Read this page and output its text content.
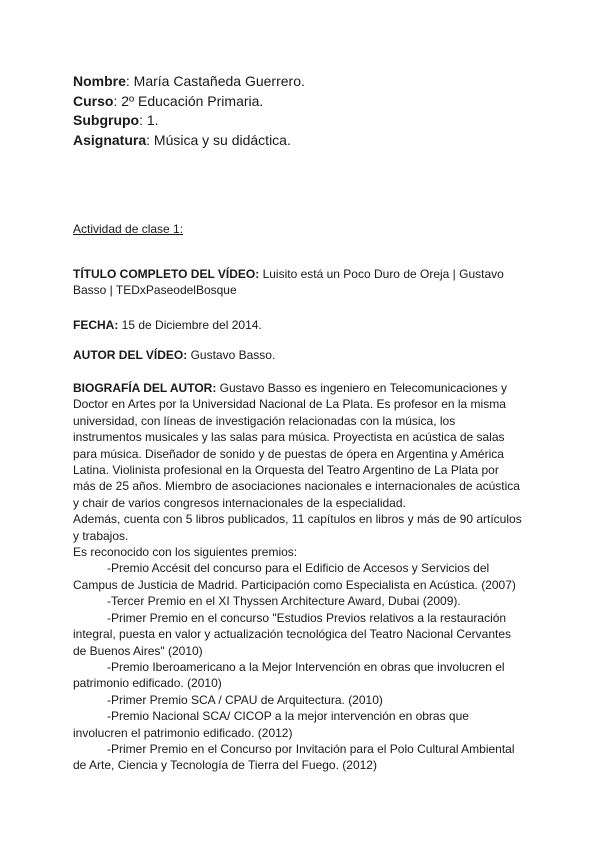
Nombre: María Castañeda Guerrero.
Curso: 2º Educación Primaria.
Subgrupo: 1.
Asignatura: Música y su didáctica.
Actividad de clase 1:
TÍTULO COMPLETO DEL VÍDEO: Luisito está un Poco Duro de Oreja | Gustavo
Basso | TEDxPaseodelBosque
FECHA: 15 de Diciembre del 2014.
AUTOR DEL VÍDEO: Gustavo Basso.
BIOGRAFÍA DEL AUTOR: Gustavo Basso es ingeniero en Telecomunicaciones y
Doctor en Artes por la Universidad Nacional de La Plata. Es profesor en la misma
universidad, con líneas de investigación relacionadas con la música, los
instrumentos musicales y las salas para música. Proyectista en acústica de salas
para música. Diseñador de sonido y de puestas de ópera en Argentina y América
Latina. Violinista profesional en la Orquesta del Teatro Argentino de La Plata por
más de 25 años. Miembro de asociaciones nacionales e internacionales de acústica
y chair de varios congresos internacionales de la especialidad.
Además, cuenta con 5 libros publicados, 11 capítulos en libros y más de 90 artículos
y trabajos.
Es reconocido con los siguientes premios:
-Premio Accésit del concurso para el Edificio de Accesos y Servicios del
Campus de Justicia de Madrid. Participación como Especialista en Acústica. (2007)
-Tercer Premio en el XI Thyssen Architecture Award, Dubai (2009).
-Primer Premio en el concurso "Estudios Previos relativos a la restauración
integral, puesta en valor y actualización tecnológica del Teatro Nacional Cervantes
de Buenos Aires" (2010)
-Premio Iberoamericano a la Mejor Intervención en obras que involucren el
patrimonio edificado. (2010)
-Primer Premio SCA / CPAU de Arquitectura. (2010)
-Premio Nacional SCA/ CICOP a la mejor intervención en obras que
involucren el patrimonio edificado. (2012)
-Primer Premio en el Concurso por Invitación para el Polo Cultural Ambiental
de Arte, Ciencia y Tecnología de Tierra del Fuego. (2012)
